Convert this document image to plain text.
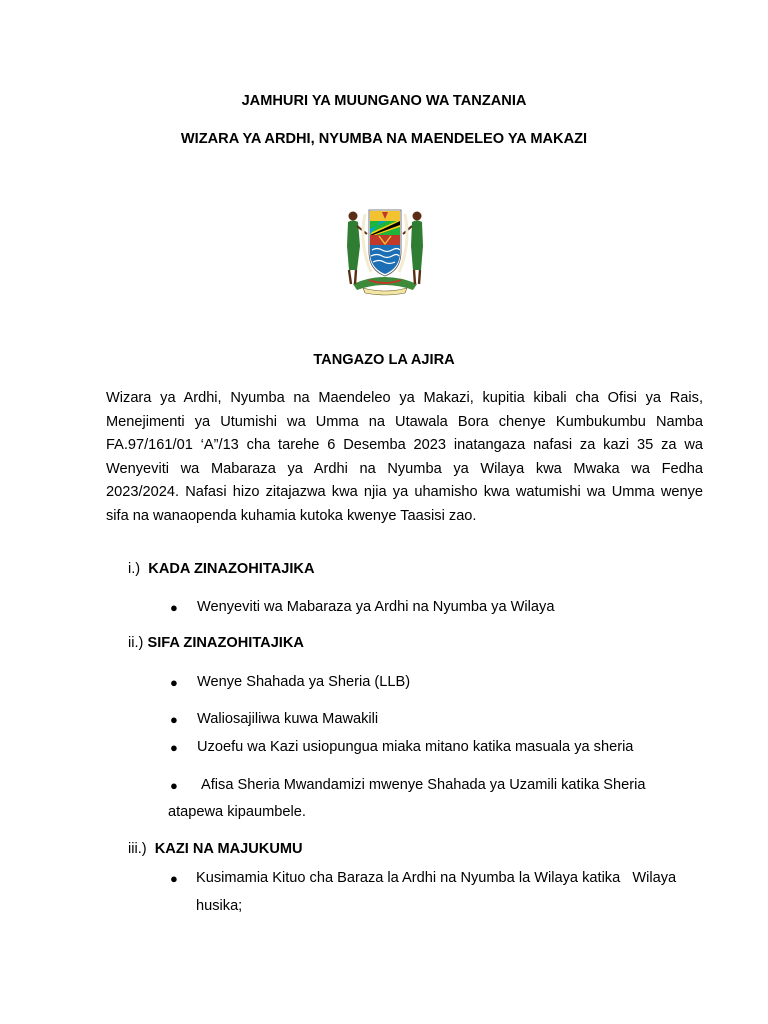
JAMHURI YA MUUNGANO WA TANZANIA
WIZARA YA ARDHI, NYUMBA NA MAENDELEO YA MAKAZI
TANGAZO LA AJIRA
Wizara ya Ardhi, Nyumba na Maendeleo ya Makazi, kupitia kibali cha Ofisi ya Rais,
Menejimenti ya Utumishi wa Umma na Utawala Bora chenye Kumbukumbu Namba
FA.97/161/01 ‘A”/13 cha tarehe 6 Desemba 2023 inatangaza nafasi za kazi 35 za wa
Wenyeviti wa Mabaraza ya Ardhi na Nyumba ya Wilaya kwa Mwaka wa Fedha
2023/2024. Nafasi hizo zitajazwa kwa njia ya uhamisho kwa watumishi wa Umma wenye
sifa na wanaopenda kuhamia kutoka kwenye Taasisi zao.
i.) KADA ZINAZOHITAJIKA
● Wenyeviti wa Mabaraza ya Ardhi na Nyumba ya Wilaya
ii.) SIFA ZINAZOHITAJIKA
● Wenye Shahada ya Sheria (LLB)
● Waliosajiliwa kuwa Mawakili
● Uzoefu wa Kazi usiopungua miaka mitano katika masuala ya sheria
● Afisa Sheria Mwandamizi mwenye Shahada ya Uzamili katika Sheria
atapewa kipaumbele.
iii.) KAZI NA MAJUKUMU
● Kusimamia Kituo cha Baraza la Ardhi na Nyumba la Wilaya katika   Wilaya
husika;
